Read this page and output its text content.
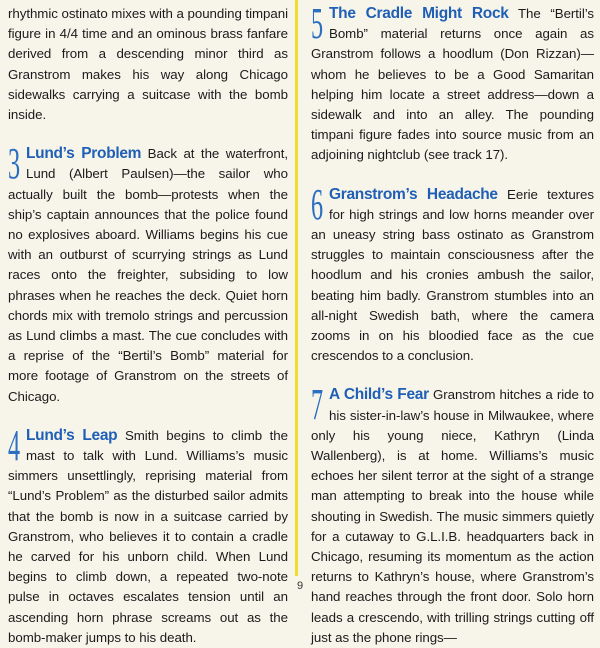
rhythmic ostinato mixes with a pounding timpani figure in 4/4 time and an ominous brass fanfare derived from a descending minor third as Granstrom makes his way along Chicago sidewalks carrying a suitcase with the bomb inside.

3 Lund’s Problem Back at the waterfront, Lund (Albert Paulsen)—the sailor who actually built the bomb—protests when the ship’s captain announces that the police found no explosives aboard. Williams begins his cue with an outburst of scurrying strings as Lund races onto the freighter, subsiding to low phrases when he reaches the deck. Quiet horn chords mix with tremolo strings and percussion as Lund climbs a mast. The cue concludes with a reprise of the “Bertil’s Bomb” material for more footage of Granstrom on the streets of Chicago.

4 Lund’s Leap Smith begins to climb the mast to talk with Lund. Williams’s music simmers unsettlingly, reprising material from “Lund’s Problem” as the disturbed sailor admits that the bomb is now in a suitcase carried by Granstrom, who believes it to contain a cradle he carved for his unborn child. When Lund begins to climb down, a repeated two-note pulse in octaves escalates tension until an ascending horn phrase screams out as the bomb-maker jumps to his death.

5 The Cradle Might Rock The “Bertil’s Bomb” material returns once again as Granstrom follows a hoodlum (Don Rizzan)—whom he believes to be a Good Samaritan helping him locate a street address—down a sidewalk and into an alley. The pounding timpani figure fades into source music from an adjoining nightclub (see track 17).

6 Granstrom’s Headache Eerie textures for high strings and low horns meander over an uneasy string bass ostinato as Granstrom struggles to maintain consciousness after the hoodlum and his cronies ambush the sailor, beating him badly. Granstrom stumbles into an all-night Swedish bath, where the camera zooms in on his bloodied face as the cue crescendos to a conclusion.

7 A Child’s Fear Granstrom hitches a ride to his sister-in-law’s house in Milwaukee, where only his young niece, Kathryn (Linda Wallenberg), is at home. Williams’s music echoes her silent terror at the sight of a strange man attempting to break into the house while shouting in Swedish. The music simmers quietly for a cutaway to G.L.I.B. headquarters back in Chicago, resuming its momentum as the action returns to Kathryn’s house, where Granstrom’s hand reaches through the front door. Solo horn leads a crescendo, with trilling strings cutting off just as the phone rings—

9
